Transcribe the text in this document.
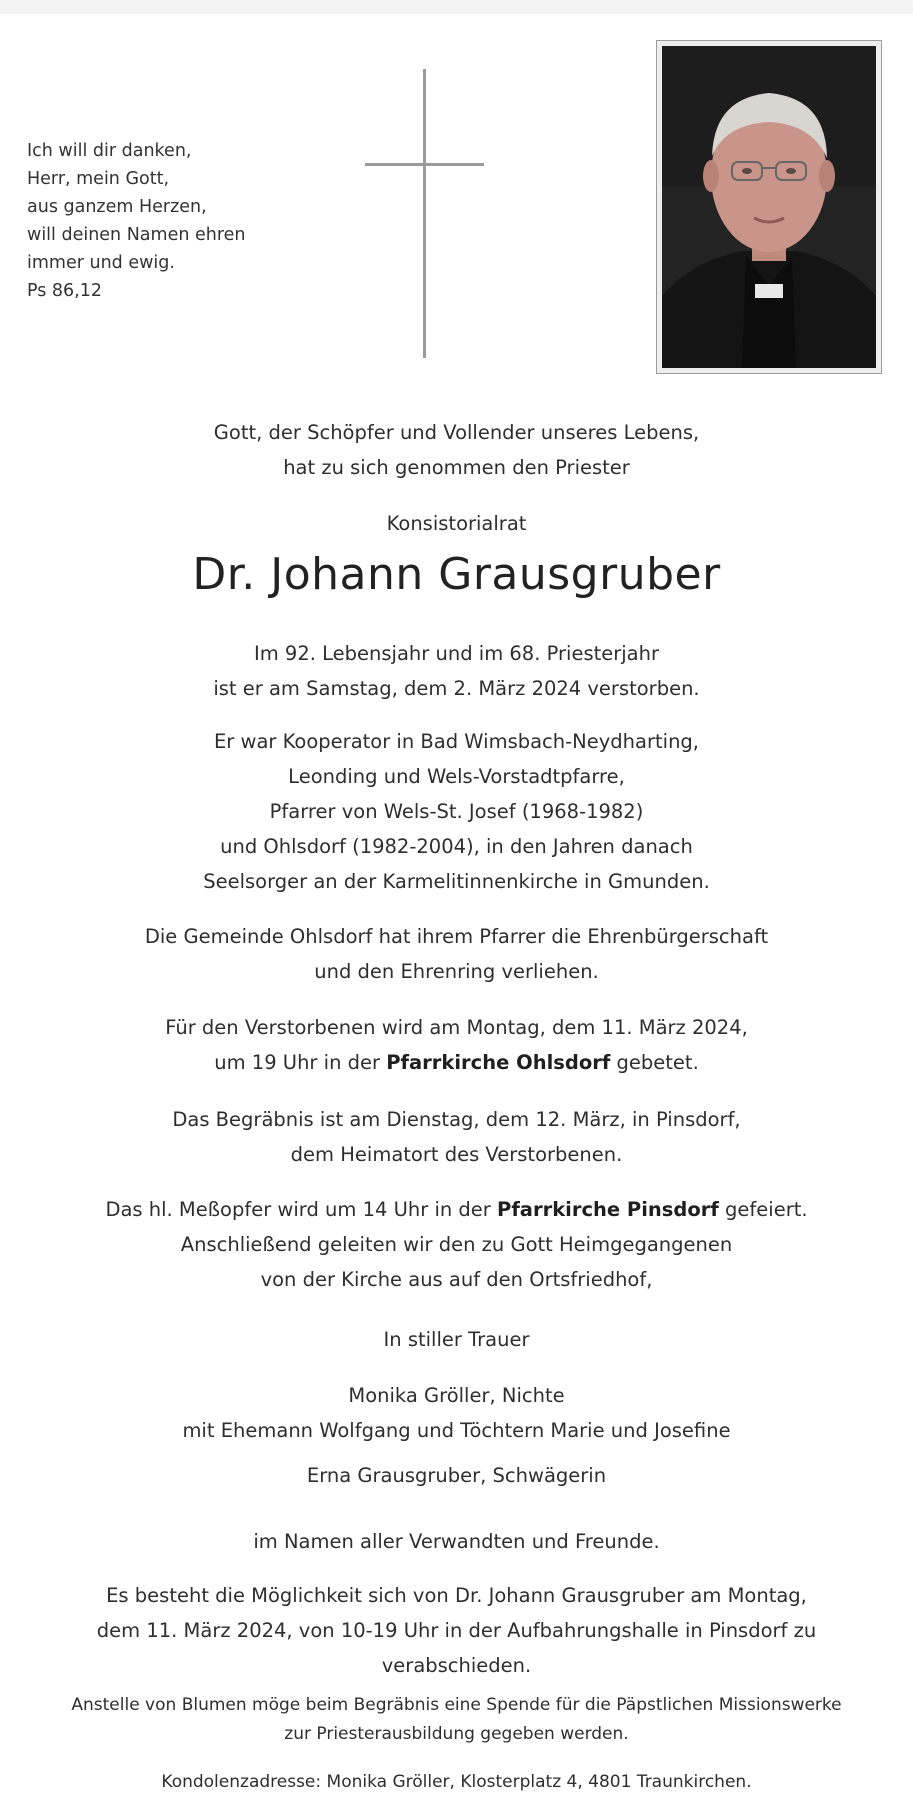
Ich will dir danken,
Herr, mein Gott,
aus ganzem Herzen,
will deinen Namen ehren
immer und ewig.
Ps 86,12
Gott, der Schöpfer und Vollender unseres Lebens,
hat zu sich genommen den Priester
Konsistorialrat
Dr. Johann Grausgruber
Im 92. Lebensjahr und im 68. Priesterjahr
ist er am Samstag, dem 2. März 2024 verstorben.
Er war Kooperator in Bad Wimsbach-Neydharting,
Leonding und Wels-Vorstadtpfarre,
Pfarrer von Wels-St. Josef (1968-1982)
und Ohlsdorf (1982-2004), in den Jahren danach
Seelsorger an der Karmelitinnenkirche in Gmunden.
Die Gemeinde Ohlsdorf hat ihrem Pfarrer die Ehrenbürgerschaft
und den Ehrenring verliehen.
Für den Verstorbenen wird am Montag, dem 11. März 2024,
um 19 Uhr in der Pfarrkirche Ohlsdorf gebetet.
Das Begräbnis ist am Dienstag, dem 12. März, in Pinsdorf,
dem Heimatort des Verstorbenen.
Das hl. Meßopfer wird um 14 Uhr in der Pfarrkirche Pinsdorf gefeiert.
Anschließend geleiten wir den zu Gott Heimgegangenen
von der Kirche aus auf den Ortsfriedhof,
In stiller Trauer
Monika Gröller, Nichte
mit Ehemann Wolfgang und Töchtern Marie und Josefine
Erna Grausgruber, Schwägerin
im Namen aller Verwandten und Freunde.
Es besteht die Möglichkeit sich von Dr. Johann Grausgruber am Montag,
dem 11. März 2024, von 10-19 Uhr in der Aufbahrungshalle in Pinsdorf zu
verabschieden.
Anstelle von Blumen möge beim Begräbnis eine Spende für die Päpstlichen Missionswerke
zur Priesterausbildung gegeben werden.
Kondolenzadresse: Monika Gröller, Klosterplatz 4, 4801 Traunkirchen.
